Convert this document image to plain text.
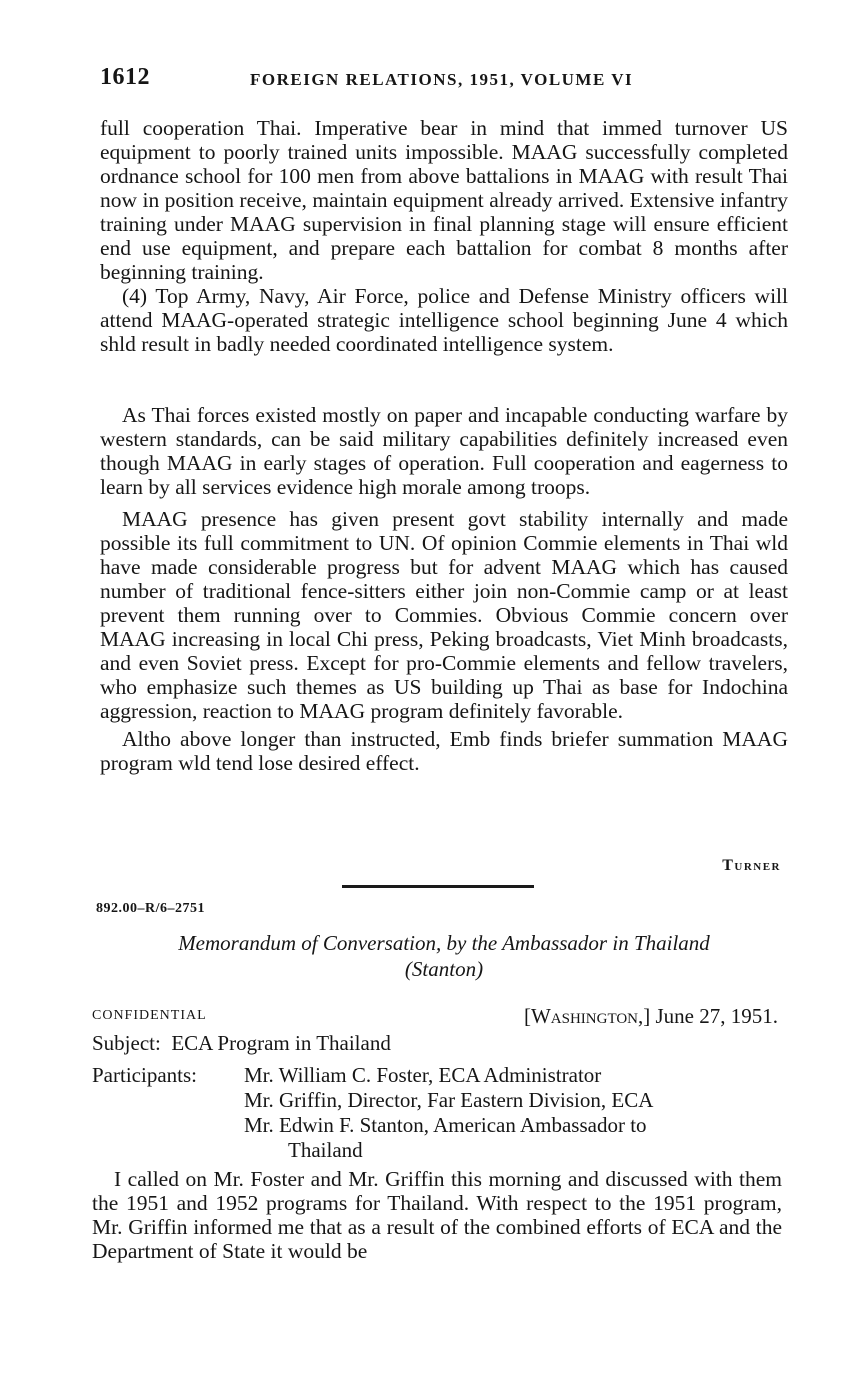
1612	FOREIGN RELATIONS, 1951, VOLUME VI

full cooperation Thai. Imperative bear in mind that immed turnover US equipment to poorly trained units impossible. MAAG successfully completed ordnance school for 100 men from above battalions in MAAG with result Thai now in position receive, maintain equipment already arrived. Extensive infantry training under MAAG supervision in final planning stage will ensure efficient end use equipment, and prepare each battalion for combat 8 months after beginning training.

(4) Top Army, Navy, Air Force, police and Defense Ministry officers will attend MAAG-operated strategic intelligence school beginning June 4 which shld result in badly needed coordinated intelligence system.

As Thai forces existed mostly on paper and incapable conducting warfare by western standards, can be said military capabilities definitely increased even though MAAG in early stages of operation. Full cooperation and eagerness to learn by all services evidence high morale among troops.

MAAG presence has given present govt stability internally and made possible its full commitment to UN. Of opinion Commie elements in Thai wld have made considerable progress but for advent MAAG which has caused number of traditional fence-sitters either join non-Commie camp or at least prevent them running over to Commies. Obvious Commie concern over MAAG increasing in local Chi press, Peking broadcasts, Viet Minh broadcasts, and even Soviet press. Except for pro-Commie elements and fellow travelers, who emphasize such themes as US building up Thai as base for Indochina aggression, reaction to MAAG program definitely favorable.

Altho above longer than instructed, Emb finds briefer summation MAAG program wld tend lose desired effect.

Turner
892.00–R/6–2751
Memorandum of Conversation, by the Ambassador in Thailand
(Stanton)
CONFIDENTIAL	[Washington,] June 27, 1951.
Subject: ECA Program in Thailand
Participants: Mr. William C. Foster, ECA Administrator
Mr. Griffin, Director, Far Eastern Division, ECA
Mr. Edwin F. Stanton, American Ambassador to
Thailand

I called on Mr. Foster and Mr. Griffin this morning and discussed with them the 1951 and 1952 programs for Thailand. With respect to the 1951 program, Mr. Griffin informed me that as a result of the combined efforts of ECA and the Department of State it would be
